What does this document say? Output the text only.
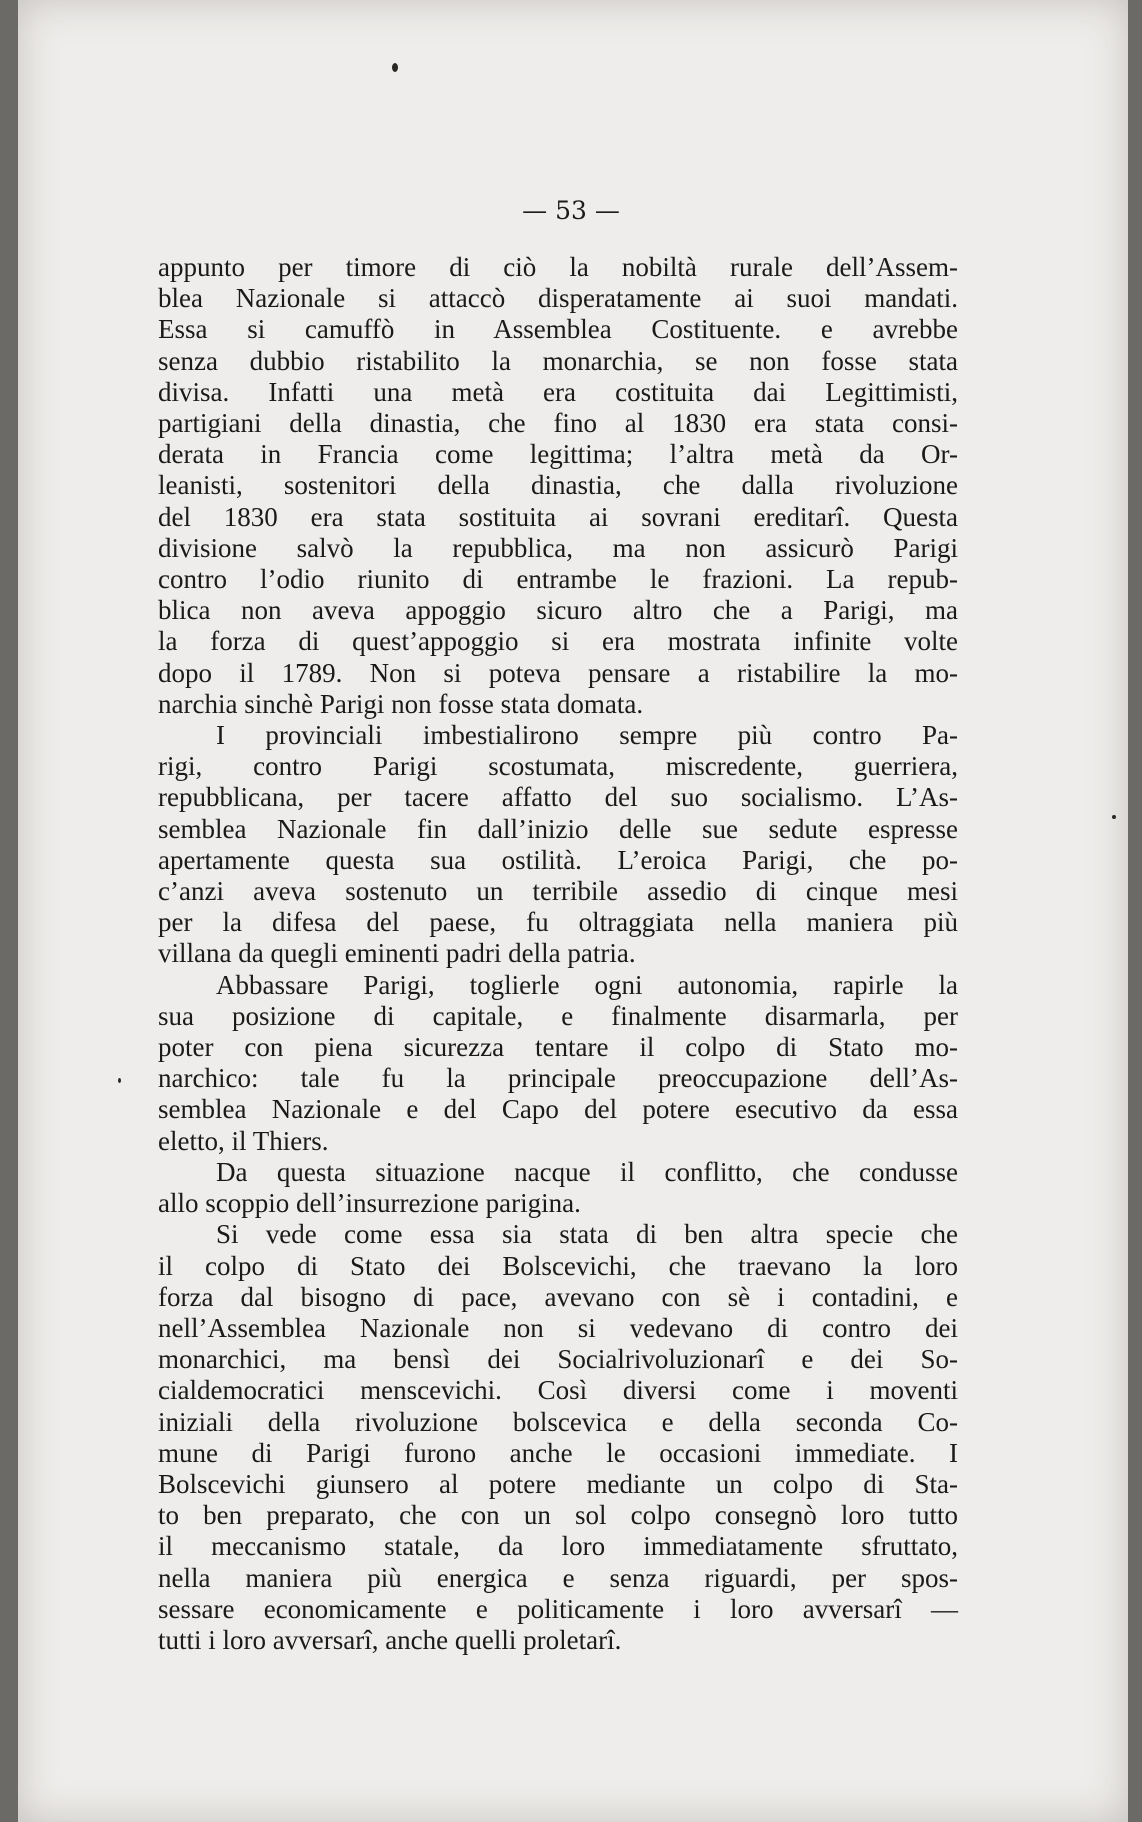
— 53 —

appunto per timore di ciò la nobiltà rurale dell’Assem-

blea Nazionale si attaccò disperatamente ai suoi mandati.

Essa si camuffò in Assemblea Costituente. e avrebbe

senza dubbio ristabilito la monarchia, se non fosse stata

divisa. Infatti una metà era costituita dai Legittimisti,

partigiani della dinastia, che fino al 1830 era stata consi-

derata in Francia come legittima; l’altra metà da Or-

leanisti, sostenitori della dinastia, che dalla rivoluzione

del 1830 era stata sostituita ai sovrani ereditarî. Questa

divisione salvò la repubblica, ma non assicurò Parigi

contro l’odio riunito di entrambe le frazioni. La repub-

blica non aveva appoggio sicuro altro che a Parigi, ma

la forza di quest’appoggio si era mostrata infinite volte

dopo il 1789. Non si poteva pensare a ristabilire la mo-

narchia sinchè Parigi non fosse stata domata.

I provinciali imbestialirono sempre più contro Pa-

rigi, contro Parigi scostumata, miscredente, guerriera,

repubblicana, per tacere affatto del suo socialismo. L’As-

semblea Nazionale fin dall’inizio delle sue sedute espresse

apertamente questa sua ostilità. L’eroica Parigi, che po-

c’anzi aveva sostenuto un terribile assedio di cinque mesi

per la difesa del paese, fu oltraggiata nella maniera più

villana da quegli eminenti padri della patria.

Abbassare Parigi, toglierle ogni autonomia, rapirle la

sua posizione di capitale, e finalmente disarmarla, per

poter con piena sicurezza tentare il colpo di Stato mo-

narchico: tale fu la principale preoccupazione dell’As-

semblea Nazionale e del Capo del potere esecutivo da essa

eletto, il Thiers.

Da questa situazione nacque il conflitto, che condusse

allo scoppio dell’insurrezione parigina.

Si vede come essa sia stata di ben altra specie che

il colpo di Stato dei Bolscevichi, che traevano la loro

forza dal bisogno di pace, avevano con sè i contadini, e

nell’Assemblea Nazionale non si vedevano di contro dei

monarchici, ma bensì dei Socialrivoluzionarî e dei So-

cialdemocratici menscevichi. Così diversi come i moventi

iniziali della rivoluzione bolscevica e della seconda Co-

mune di Parigi furono anche le occasioni immediate. I

Bolscevichi giunsero al potere mediante un colpo di Sta-

to ben preparato, che con un sol colpo consegnò loro tutto

il meccanismo statale, da loro immediatamente sfruttato,

nella maniera più energica e senza riguardi, per spos-

sessare economicamente e politicamente i loro avversarî —

tutti i loro avversarî, anche quelli proletarî.
